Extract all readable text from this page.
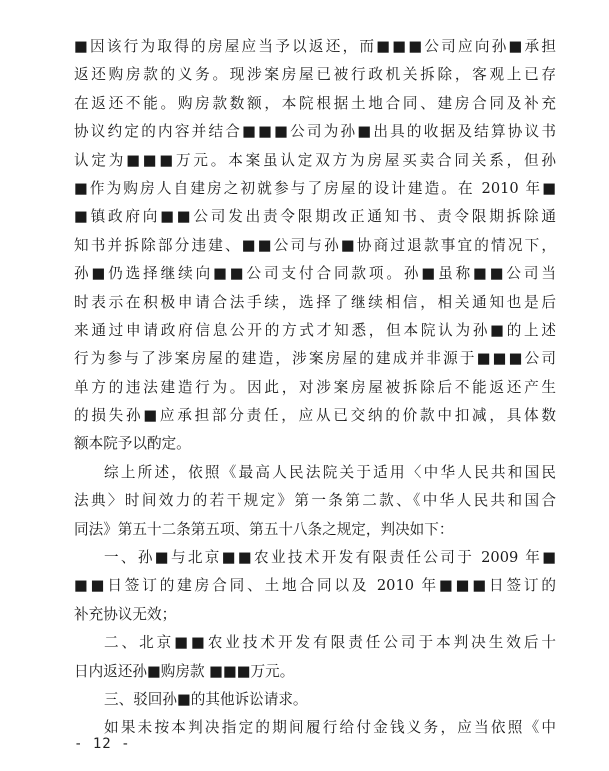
■因该行为取得的房屋应当予以返还，而■■■公司应向孙■承担
返还购房款的义务。现涉案房屋已被行政机关拆除，客观上已存
在返还不能。购房款数额，本院根据土地合同、建房合同及补充
协议约定的内容并结合■■■公司为孙■出具的收据及结算协议书
认定为■■■万元。本案虽认定双方为房屋买卖合同关系，但孙
■作为购房人自建房之初就参与了房屋的设计建造。在 2010 年■
■镇政府向■■公司发出责令限期改正通知书、责令限期拆除通
知书并拆除部分违建、■■公司与孙■协商过退款事宜的情况下，
孙■仍选择继续向■■公司支付合同款项。孙■虽称■■公司当
时表示在积极申请合法手续，选择了继续相信，相关通知也是后
来通过申请政府信息公开的方式才知悉，但本院认为孙■的上述
行为参与了涉案房屋的建造，涉案房屋的建成并非源于■■■公司
单方的违法建造行为。因此，对涉案房屋被拆除后不能返还产生
的损失孙■应承担部分责任，应从已交纳的价款中扣减，具体数
额本院予以酌定。
综上所述，依照《最高人民法院关于适用〈中华人民共和国民
法典〉时间效力的若干规定》第一条第二款、《中华人民共和国合
同法》第五十二条第五项、第五十八条之规定，判决如下：
一、孙■与北京■■农业技术开发有限责任公司于 2009 年■
■■日签订的建房合同、土地合同以及 2010 年■■■日签订的
补充协议无效；
二、北京■■农业技术开发有限责任公司于本判决生效后十
日内返还孙■购房款 ■■■万元。
三、驳回孙■的其他诉讼请求。
如果未按本判决指定的期间履行给付金钱义务，应当依照《中
- 12 -
